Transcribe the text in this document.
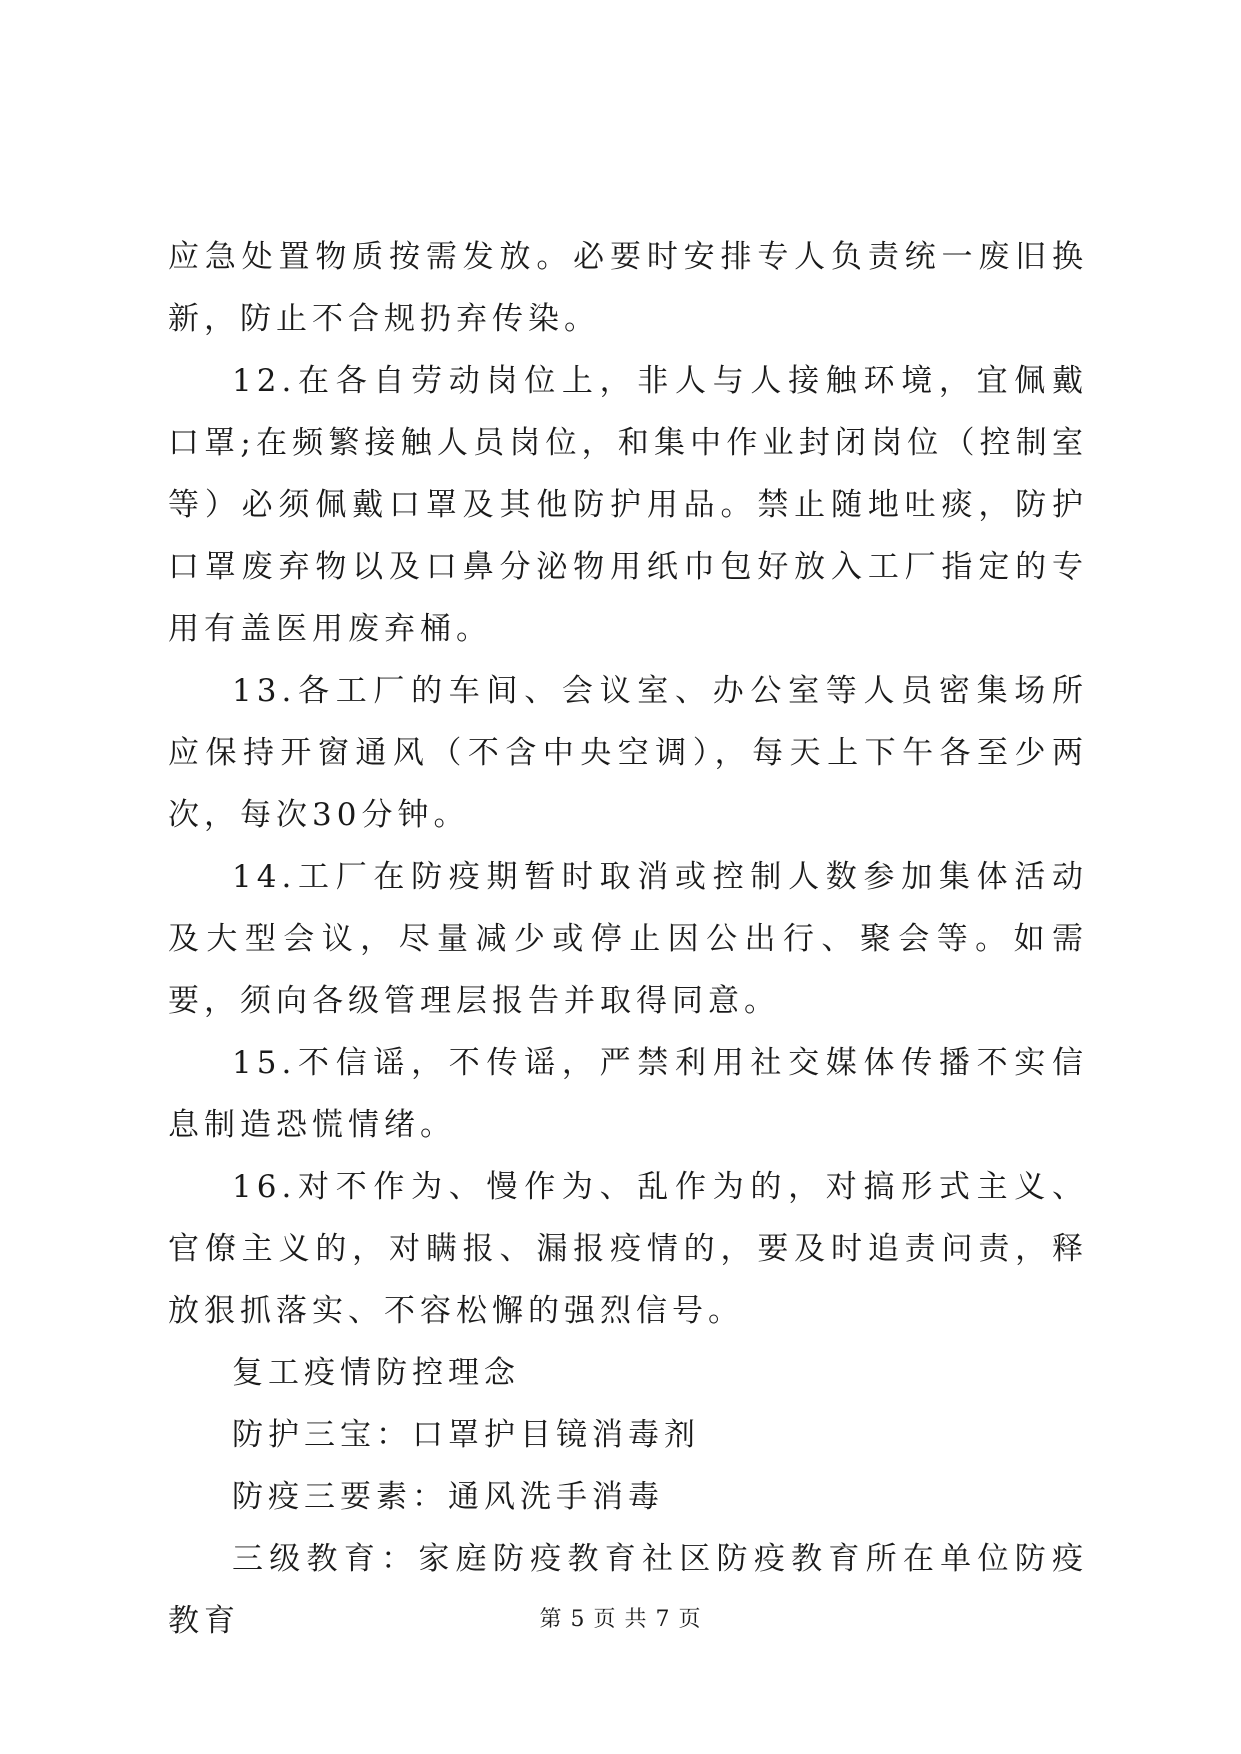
应急处置物质按需发放。必要时安排专人负责统一废旧换新，防止不合规扔弃传染。

12.在各自劳动岗位上，非人与人接触环境，宜佩戴口罩;在频繁接触人员岗位，和集中作业封闭岗位（控制室等）必须佩戴口罩及其他防护用品。禁止随地吐痰，防护口罩废弃物以及口鼻分泌物用纸巾包好放入工厂指定的专用有盖医用废弃桶。

13.各工厂的车间、会议室、办公室等人员密集场所应保持开窗通风（不含中央空调），每天上下午各至少两次，每次30分钟。

14.工厂在防疫期暂时取消或控制人数参加集体活动及大型会议，尽量减少或停止因公出行、聚会等。如需要，须向各级管理层报告并取得同意。

15.不信谣，不传谣，严禁利用社交媒体传播不实信息制造恐慌情绪。

16.对不作为、慢作为、乱作为的，对搞形式主义、官僚主义的，对瞒报、漏报疫情的，要及时追责问责，释放狠抓落实、不容松懈的强烈信号。

复工疫情防控理念

防护三宝：口罩护目镜消毒剂

防疫三要素：通风洗手消毒

三级教育：家庭防疫教育社区防疫教育所在单位防疫教育	第 5 页 共 7 页
